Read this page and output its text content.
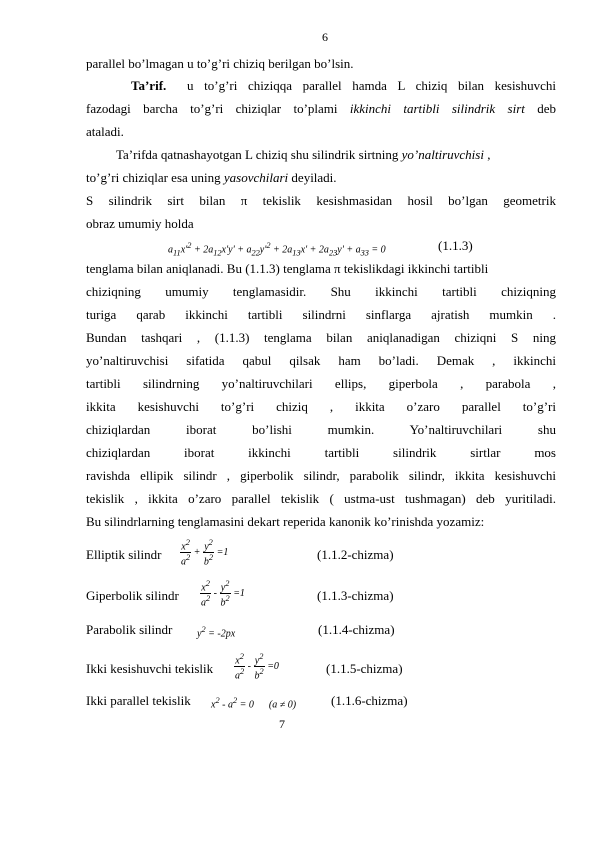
6
parallel bo’lmagan u to’g’ri chiziq berilgan bo’lsin.
Ta’rif. u to’g’ri chiziqqa parallel hamda L chiziq bilan kesishuvchi
fazodagi barcha to’g’ri chiziqlar to’plami ikkinchi tartibli silindrik sirt deb
ataladi.
Ta’rifda qatnashayotgan L chiziq shu silindrik sirtning yo’naltiruvchisi ,
to’g’ri chiziqlar esa uning yasovchilari deyiladi.
S silindrik sirt bilan π tekislik kesishmasidan hosil bo’lgan geometrik
obraz umumiy holda
$a_{11}x'^2 + 2a_{12}x'y' + a_{22}y'^2 + 2a_{13}x' + 2a_{23}y' + a_{33} = 0$	(1.1.3)
tenglama bilan aniqlanadi. Bu (1.1.3) tenglama π tekislikdagi ikkinchi tartibli
chiziqning umumiy tenglamasidir. Shu ikkinchi tartibli chiziqning
turiga qarab ikkinchi tartibli silindrni sinflarga ajratish mumkin .
Bundan tashqari , (1.1.3) tenglama bilan aniqlanadigan chiziqni S ning
yo’naltiruvchisi sifatida qabul qilsak ham bo’ladi. Demak , ikkinchi
tartibli silindrning yo’naltiruvchilari ellips, giperbola , parabola ,
ikkita kesishuvchi to’g’ri chiziq , ikkita o’zaro parallel to’g’ri
chiziqlardan iborat bo’lishi mumkin. Yo’naltiruvchilari shu
chiziqlardan iborat ikkinchi tartibli silindrik sirtlar mos
ravishda ellipik silindr , giperbolik silindr, parabolik silindr, ikkita kesishuvchi
tekislik , ikkita o’zaro parallel tekislik ( ustma-ust tushmagan) deb yuritiladi.
Bu silindrlarning tenglamasini dekart reperida kanonik ko’rinishda yozamiz:
Elliptik silindr $\frac{x^2}{a^2} + \frac{y^2}{b^2} =1$	(1.1.2-chizma)
Giperbolik silindr $\frac{x^2}{a^2} - \frac{y^2}{b^2} =1$	(1.1.3-chizma)
Parabolik silindr $y^2 = -2px$	(1.1.4-chizma)
Ikki kesishuvchi tekislik $\frac{x^2}{a^2} - \frac{y^2}{b^2} =0$	(1.1.5-chizma)
Ikki parallel tekislik $x^2 - a^2 = 0$      (a ≠ 0)	(1.1.6-chizma)
7
